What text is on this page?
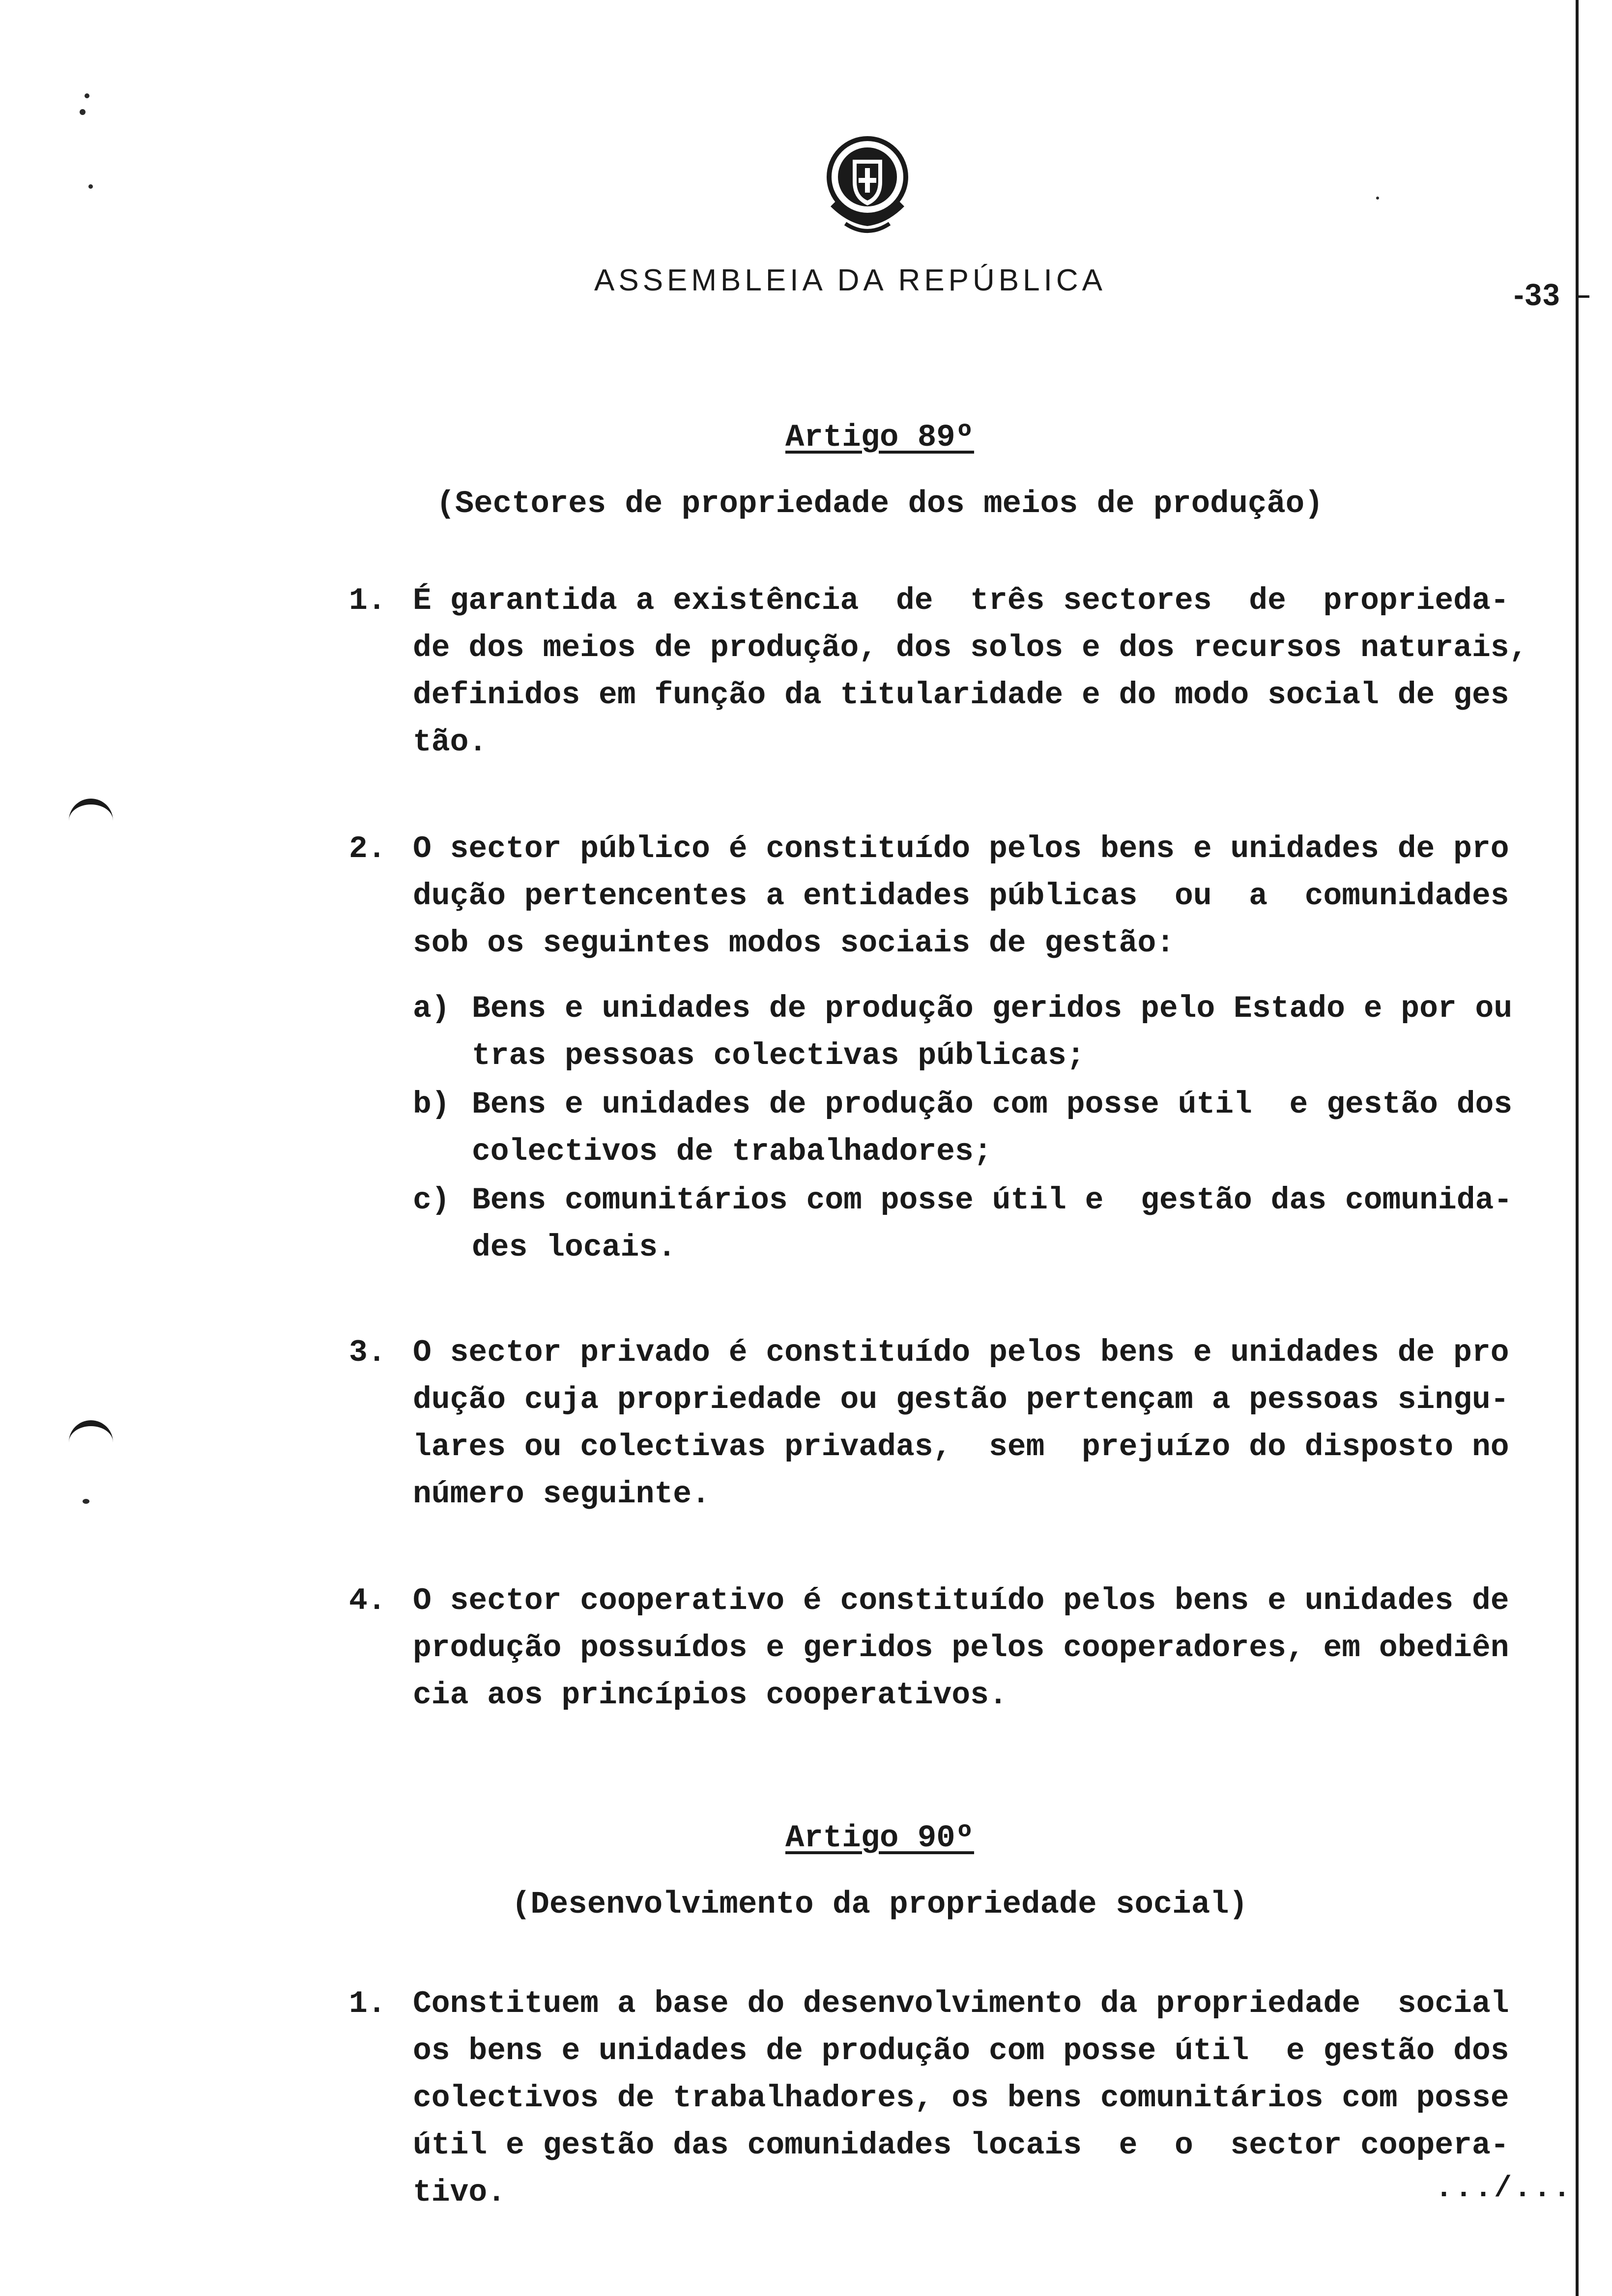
ASSEMBLEIA DA REPÚBLICA	-33
Artigo 89º
(Sectores de propriedade dos meios de produção)
1. É garantida a existência  de  três sectores  de  proprieda-
de dos meios de produção, dos solos e dos recursos naturais,
definidos em função da titularidade e do modo social de ges
tão.
2. O sector público é constituído pelos bens e unidades de pro
dução pertencentes a entidades públicas  ou  a  comunidades
sob os seguintes modos sociais de gestão:
a) Bens e unidades de produção geridos pelo Estado e por ou
tras pessoas colectivas públicas;
b) Bens e unidades de produção com posse útil  e gestão dos
colectivos de trabalhadores;
c) Bens comunitários com posse útil e  gestão das comunida-
des locais.
3. O sector privado é constituído pelos bens e unidades de pro
dução cuja propriedade ou gestão pertençam a pessoas singu-
lares ou colectivas privadas,  sem  prejuízo do disposto no
número seguinte.
4. O sector cooperativo é constituído pelos bens e unidades de
produção possuídos e geridos pelos cooperadores, em obediên
cia aos princípios cooperativos.
Artigo 90º
(Desenvolvimento da propriedade social)
1. Constituem a base do desenvolvimento da propriedade  social
os bens e unidades de produção com posse útil  e gestão dos
colectivos de trabalhadores, os bens comunitários com posse
útil e gestão das comunidades locais  e  o  sector coopera-
tivo.	.../...
